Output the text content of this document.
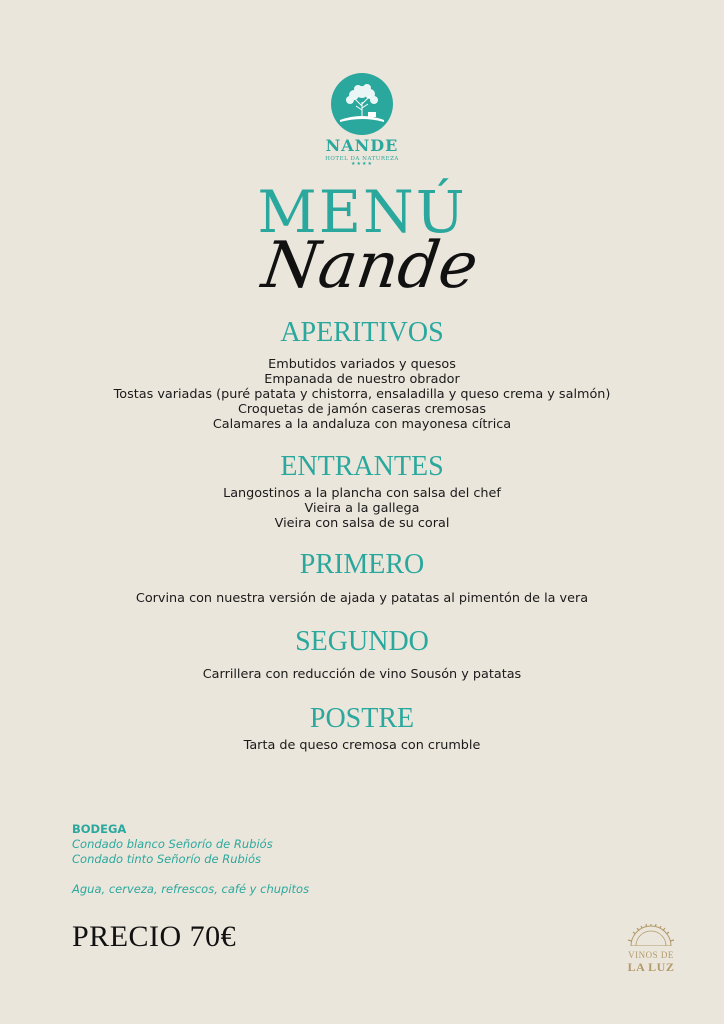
NANDE
HOTEL DA NATUREZA
★★★★
MENÚ
Nande
APERITIVOS
Embutidos variados y quesos
Empanada de nuestro obrador
Tostas variadas (puré patata y chistorra, ensaladilla y queso crema y salmón)
Croquetas de jamón caseras cremosas
Calamares a la andaluza con mayonesa cítrica
ENTRANTES
Langostinos a la plancha con salsa del chef
Vieira a la gallega
Vieira con salsa de su coral
PRIMERO
Corvina con nuestra versión de ajada y patatas al pimentón de la vera
SEGUNDO
Carrillera con reducción de vino Sousón y patatas
POSTRE
Tarta de queso cremosa con crumble
BODEGA
Condado blanco Señorío de Rubiós
Condado tinto Señorío de Rubiós
Agua, cerveza, refrescos, café y chupitos
PRECIO 70€
VINOS DE
LA LUZ
